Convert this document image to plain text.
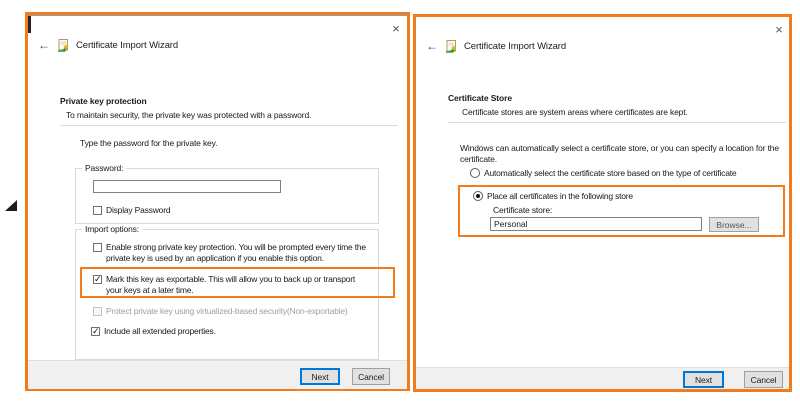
×
←	Certificate Import Wizard
Private key protection
To maintain security, the private key was protected with a password.
Type the password for the private key.
Password:
Display Password
Import options:
Enable strong private key protection. You will be prompted every time the private key is used by an application if you enable this option.
✓
Mark this key as exportable. This will allow you to back up or transport your keys at a later time.
Protect private key using virtualized-based security(Non-exportable)
✓
Include all extended properties.
Next	Cancel
×
←	Certificate Import Wizard
Certificate Store
Certificate stores are system areas where certificates are kept.
Windows can automatically select a certificate store, or you can specify a location for the certificate.
Automatically select the certificate store based on the type of certificate
Place all certificates in the following store
Certificate store:
Personal
Browse...
Next	Cancel
